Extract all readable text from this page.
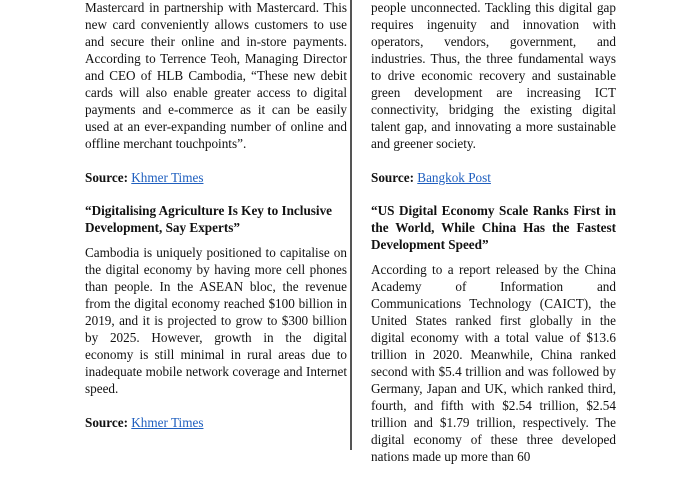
Mastercard in partnership with Mastercard. This new card conveniently allows customers to use and secure their online and in-store payments. According to Terrence Teoh, Managing Director and CEO of HLB Cambodia, “These new debit cards will also enable greater access to digital payments and e-commerce as it can be easily used at an ever-expanding number of online and offline merchant touchpoints”.

Source: Khmer Times

“Digitalising Agriculture Is Key to Inclusive Development, Say Experts”

Cambodia is uniquely positioned to capitalise on the digital economy by having more cell phones than people. In the ASEAN bloc, the revenue from the digital economy reached $100 billion in 2019, and it is projected to grow to $300 billion by 2025. However, growth in the digital economy is still minimal in rural areas due to inadequate mobile network coverage and Internet speed.

Source: Khmer Times

people unconnected. Tackling this digital gap requires ingenuity and innovation with operators, vendors, government, and industries. Thus, the three fundamental ways to drive economic recovery and sustainable green development are increasing ICT connectivity, bridging the existing digital talent gap, and innovating a more sustainable and greener society.

Source: Bangkok Post

“US Digital Economy Scale Ranks First in the World, While China Has the Fastest Development Speed”

According to a report released by the China Academy of Information and Communications Technology (CAICT), the United States ranked first globally in the digital economy with a total value of $13.6 trillion in 2020. Meanwhile, China ranked second with $5.4 trillion and was followed by Germany, Japan and UK, which ranked third, fourth, and fifth with $2.54 trillion, $2.54 trillion and $1.79 trillion, respectively. The digital economy of these three developed nations made up more than 60
